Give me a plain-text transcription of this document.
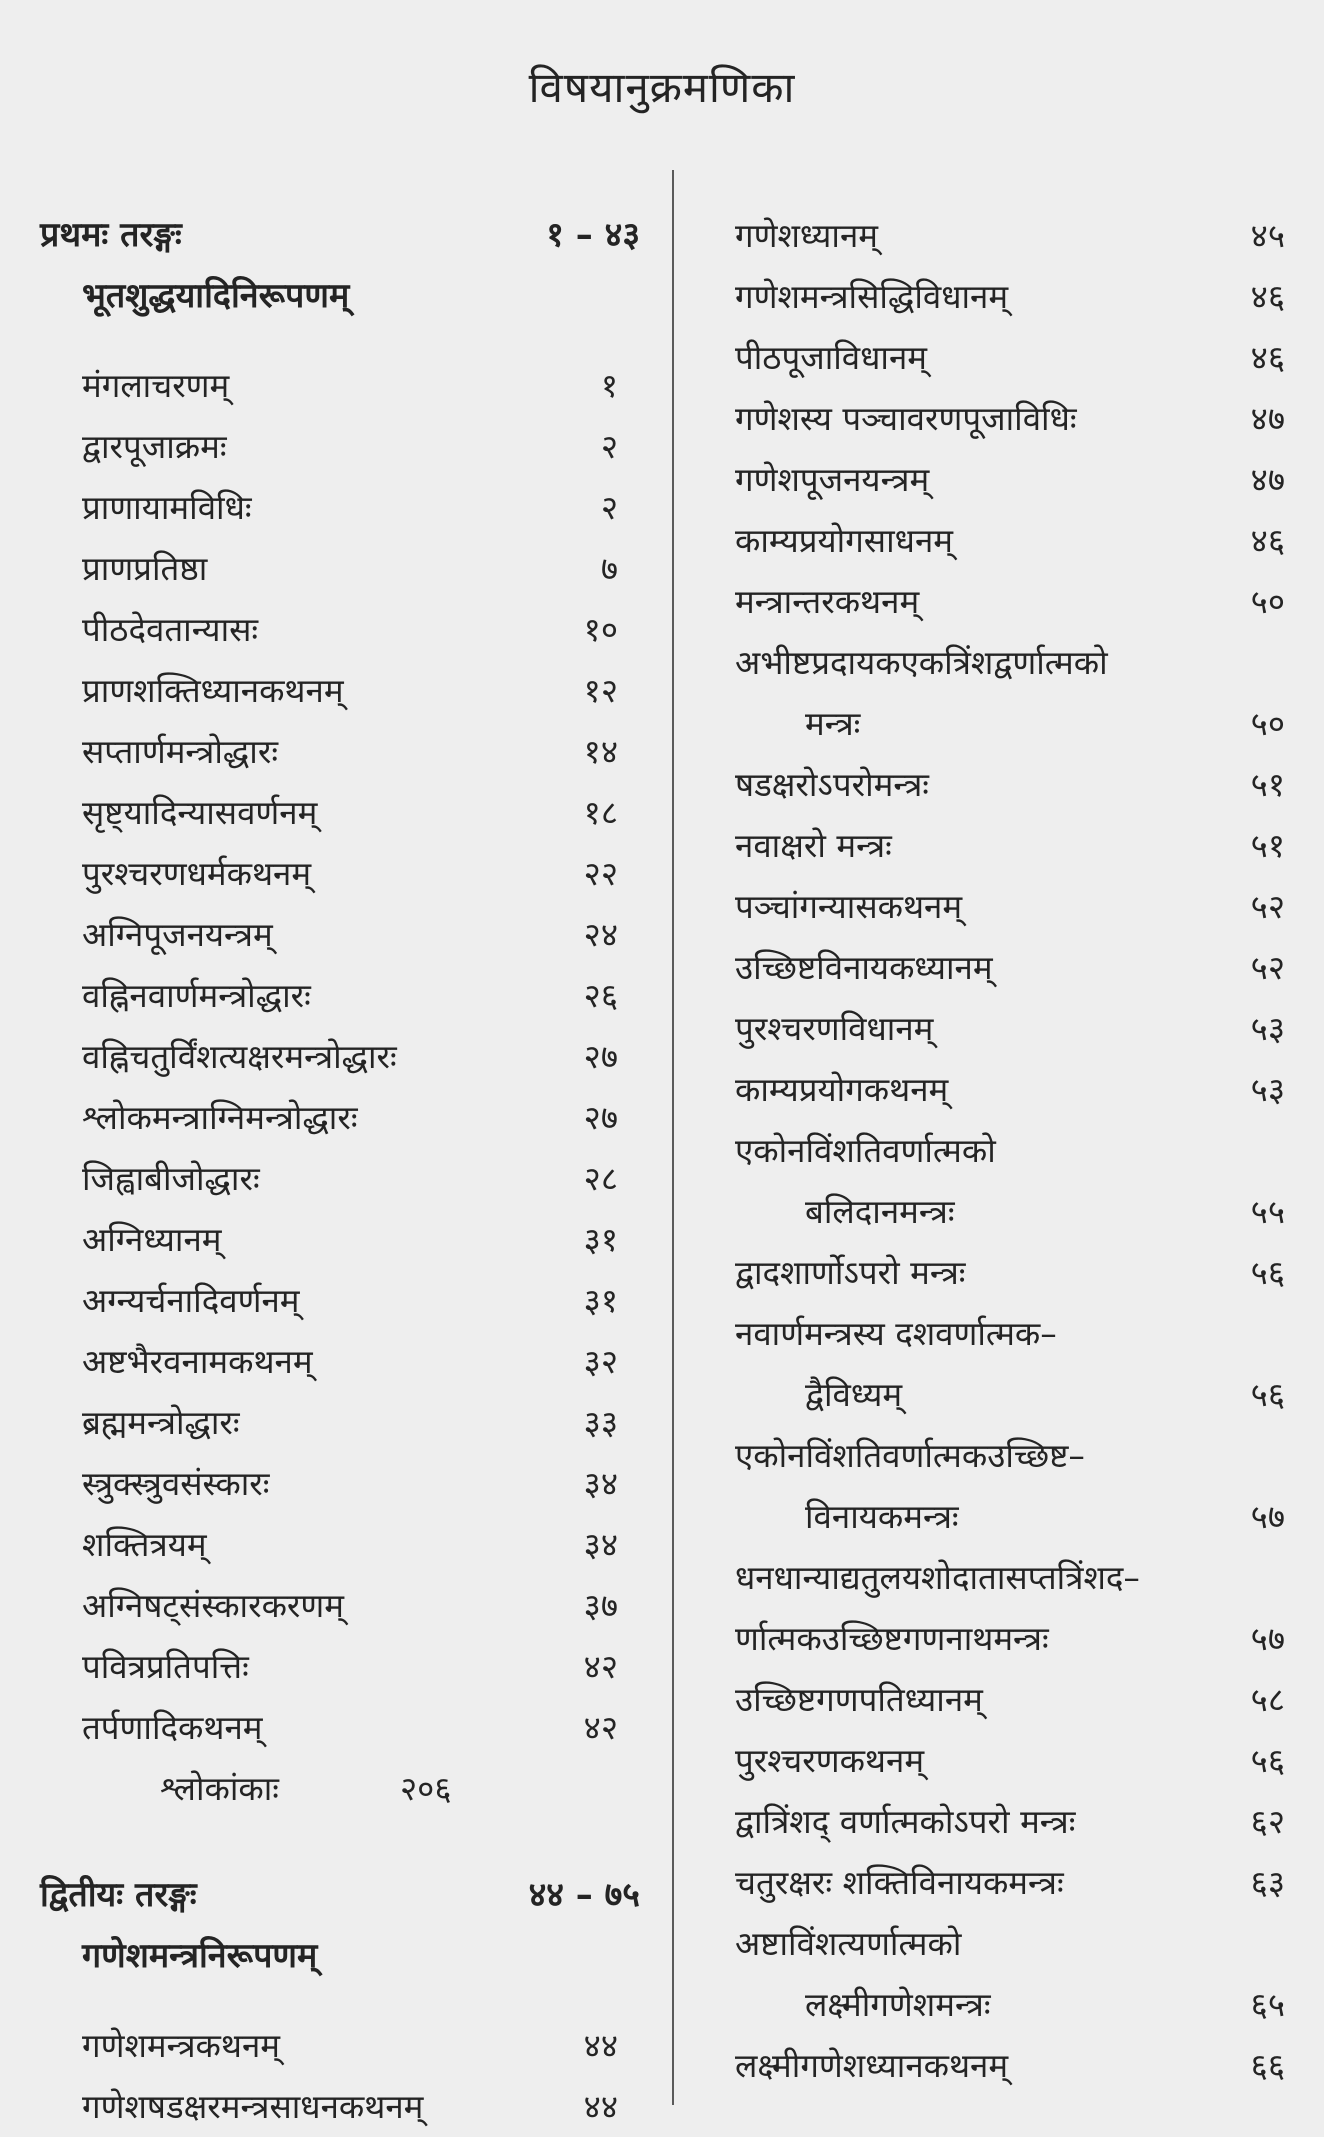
विषयानुक्रमणिका
प्रथमः तरङ्गः	१ – ४३
भूतशुद्धयादिनिरूपणम्
मंगलाचरणम्	१
द्वारपूजाक्रमः	२
प्राणायामविधिः	२
प्राणप्रतिष्ठा	७
पीठदेवतान्यासः	१०
प्राणशक्तिध्यानकथनम्	१२
सप्तार्णमन्त्रोद्धारः	१४
सृष्ट्यादिन्यासवर्णनम्	१८
पुरश्चरणधर्मकथनम्	२२
अग्निपूजनयन्त्रम्	२४
वह्निनवार्णमन्त्रोद्धारः	२६
वह्निचतुर्विंशत्यक्षरमन्त्रोद्धारः	२७
श्लोकमन्त्राग्निमन्त्रोद्धारः	२७
जिह्वाबीजोद्धारः	२८
अग्निध्यानम्	३१
अग्न्यर्चनादिवर्णनम्	३१
अष्टभैरवनामकथनम्	३२
ब्रह्ममन्त्रोद्धारः	३३
स्त्रुक्स्त्रुवसंस्कारः	३४
शक्तित्रयम्	३४
अग्निषट्संस्कारकरणम्	३७
पवित्रप्रतिपत्तिः	४२
तर्पणादिकथनम्	४२
श्लोकांकाः	२०६
द्वितीयः तरङ्गः	४४ – ७५
गणेशमन्त्रनिरूपणम्
गणेशमन्त्रकथनम्	४४
गणेशषडक्षरमन्त्रसाधनकथनम्	४४
गणेशध्यानम्	४५
गणेशमन्त्रसिद्धिविधानम्	४६
पीठपूजाविधानम्	४६
गणेशस्य पञ्चावरणपूजाविधिः	४७
गणेशपूजनयन्त्रम्	४७
काम्यप्रयोगसाधनम्	४६
मन्त्रान्तरकथनम्	५०
अभीष्टप्रदायकएकत्रिंशद्वर्णात्मको
मन्त्रः	५०
षडक्षरोऽपरोमन्त्रः	५१
नवाक्षरो मन्त्रः	५१
पञ्चांगन्यासकथनम्	५२
उच्छिष्टविनायकध्यानम्	५२
पुरश्चरणविधानम्	५३
काम्यप्रयोगकथनम्	५३
एकोनविंशतिवर्णात्मको
बलिदानमन्त्रः	५५
द्वादशार्णोऽपरो मन्त्रः	५६
नवार्णमन्त्रस्य दशवर्णात्मक–
द्वैविध्यम्	५६
एकोनविंशतिवर्णात्मकउच्छिष्ट–
विनायकमन्त्रः	५७
धनधान्याद्यतुलयशोदातासप्तत्रिंशद–
र्णात्मकउच्छिष्टगणनाथमन्त्रः	५७
उच्छिष्टगणपतिध्यानम्	५८
पुरश्चरणकथनम्	५६
द्वात्रिंशद् वर्णात्मकोऽपरो मन्त्रः	६२
चतुरक्षरः शक्तिविनायकमन्त्रः	६३
अष्टाविंशत्यर्णात्मको
लक्ष्मीगणेशमन्त्रः	६५
लक्ष्मीगणेशध्यानकथनम्	६६
